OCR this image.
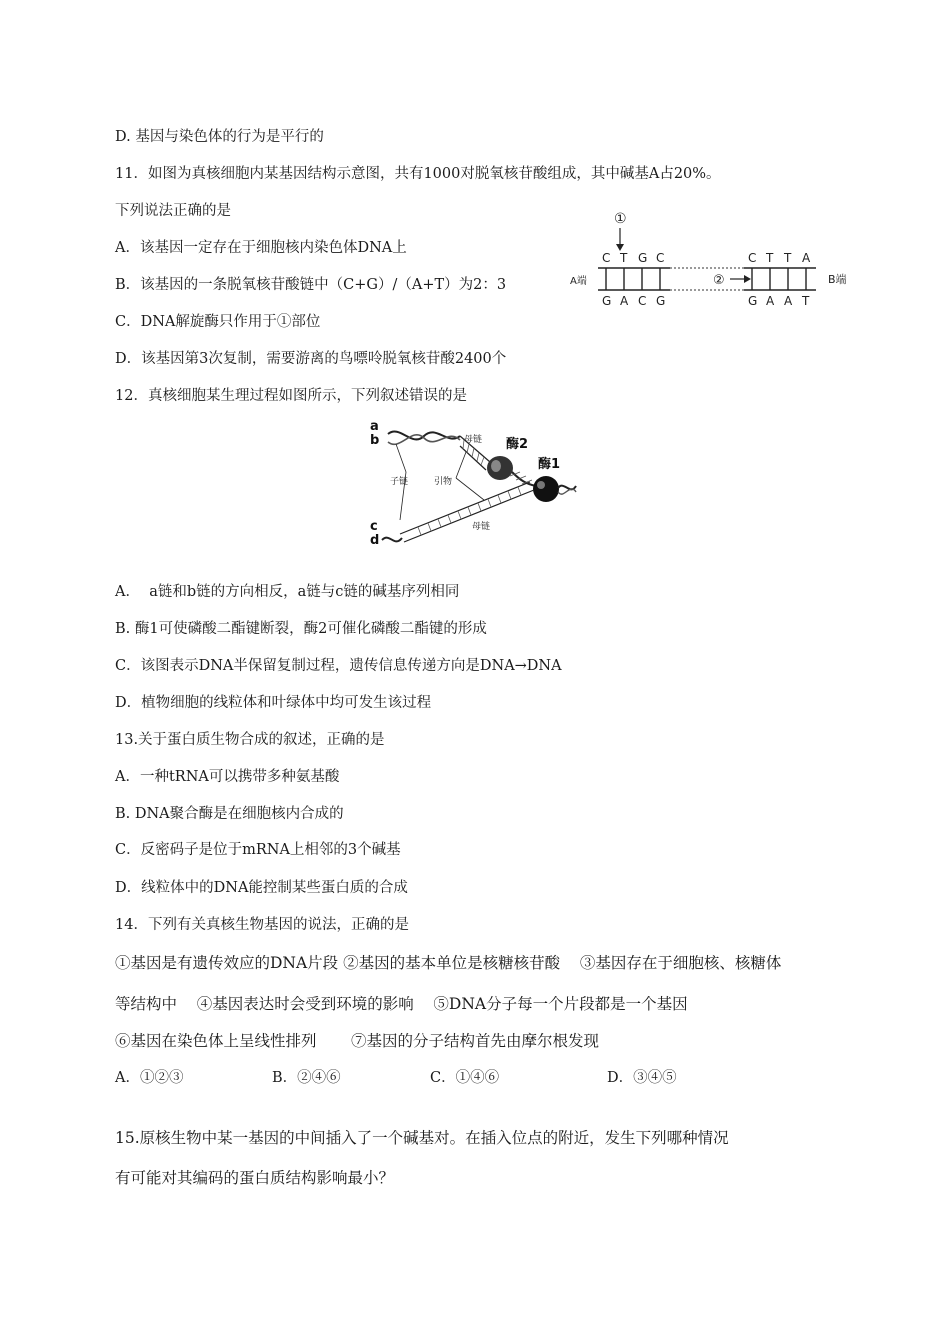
D. 基因与染色体的行为是平行的
11．如图为真核细胞内某基因结构示意图，共有1000对脱氧核苷酸组成，其中碱基A占20%。
下列说法正确的是
A．该基因一定存在于细胞核内染色体DNA上
B．该基因的一条脱氧核苷酸链中（C+G）/（A+T）为2：3
C．DNA解旋酶只作用于①部位
D．该基因第3次复制，需要游离的鸟嘌呤脱氧核苷酸2400个
①
A端
C T G C
G A C G
C T T A
G A A T
②	B端
12．真核细胞某生理过程如图所示，下列叙述错误的是
a
b
c
d
酶2
母链
酶1
子链	引物
母链
A．  a链和b链的方向相反，a链与c链的碱基序列相同
B. 酶1可使磷酸二酯键断裂，酶2可催化磷酸二酯键的形成
C．该图表示DNA半保留复制过程，遗传信息传递方向是DNA→DNA
D．植物细胞的线粒体和叶绿体中均可发生该过程
13.关于蛋白质生物合成的叙述，正确的是
A．一种tRNA可以携带多种氨基酸
B. DNA聚合酶是在细胞核内合成的
C．反密码子是位于mRNA上相邻的3个碱基
D．线粒体中的DNA能控制某些蛋白质的合成
14．下列有关真核生物基因的说法，正确的是
①基因是有遗传效应的DNA片段 ②基因的基本单位是核糖核苷酸    ③基因存在于细胞核、核糖体
等结构中    ④基因表达时会受到环境的影响    ⑤DNA分子每一个片段都是一个基因
⑥基因在染色体上呈线性排列       ⑦基因的分子结构首先由摩尔根发现
A．①②③	B．②④⑥	C．①④⑥	D．③④⑤
15.原核生物中某一基因的中间插入了一个碱基对。在插入位点的附近，发生下列哪种情况
有可能对其编码的蛋白质结构影响最小？
